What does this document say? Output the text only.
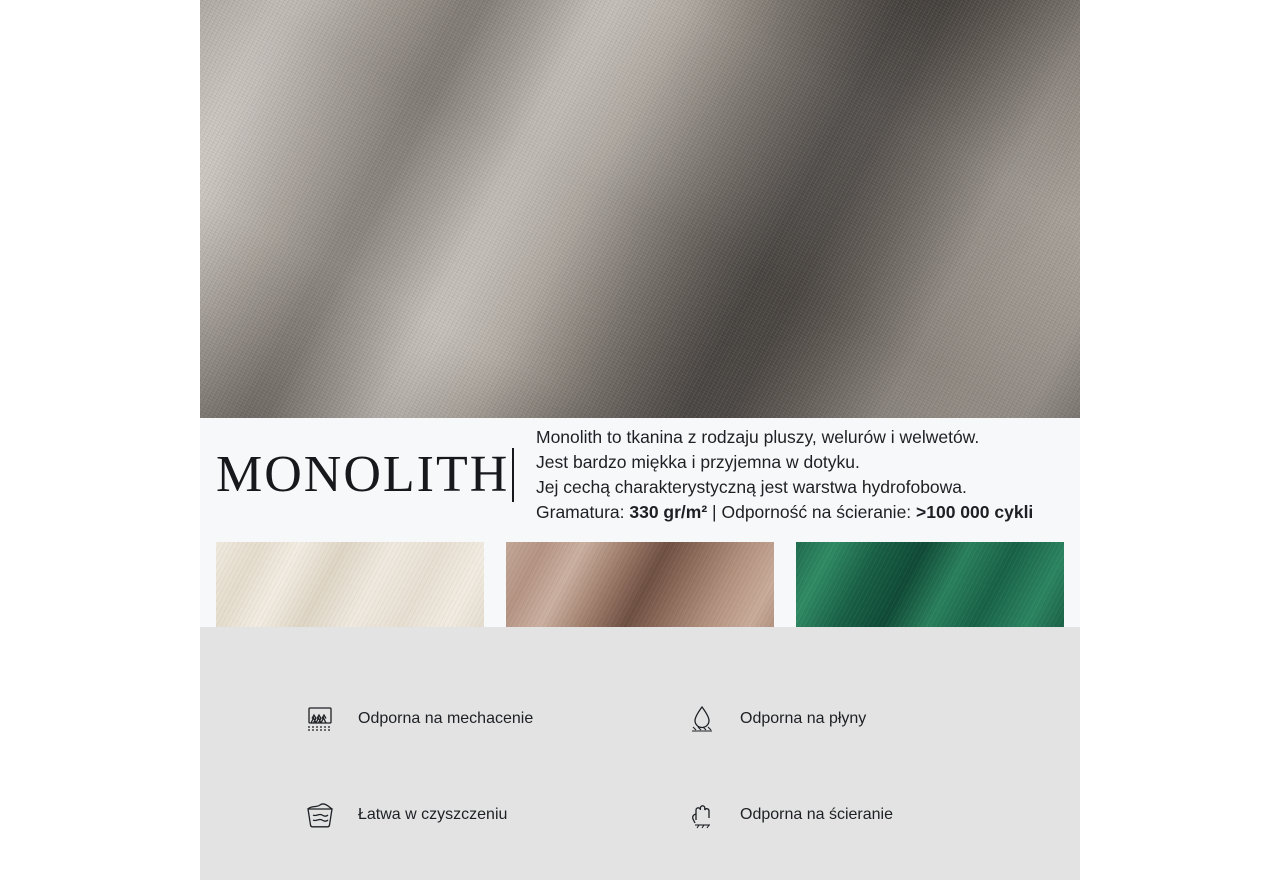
MONOLITH
Monolith to tkanina z rodzaju pluszy, welurów i welwetów.
Jest bardzo miękka i przyjemna w dotyku.
Jej cechą charakterystyczną jest warstwa hydrofobowa.
Gramatura: 330 gr/m² | Odporność na ścieranie: >100 000 cykli
Odporna na mechacenie	Odporna na płyny
Łatwa w czyszczeniu	Odporna na ścieranie
